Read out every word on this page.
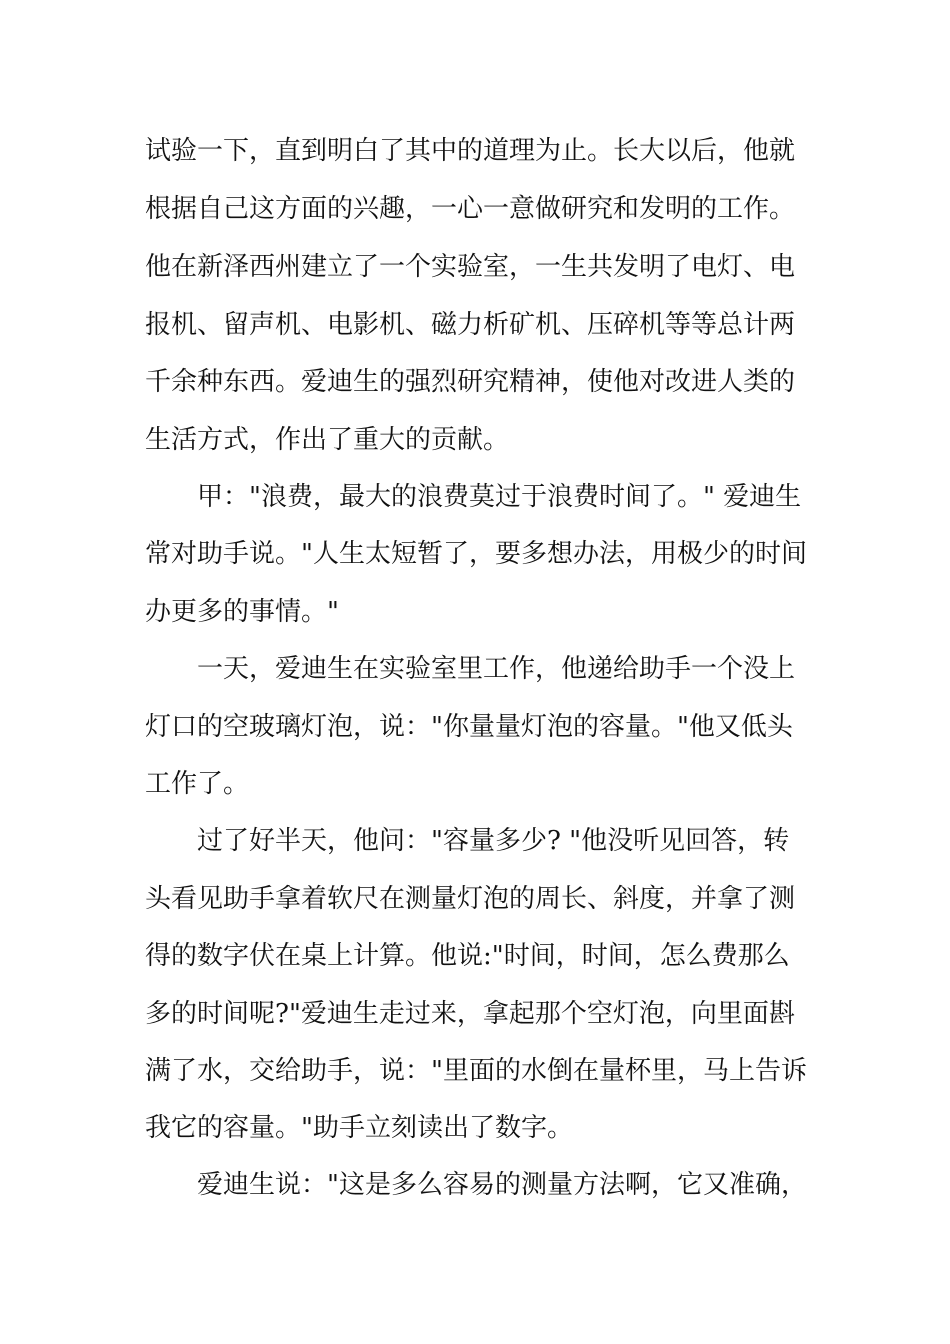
试验一下，直到明白了其中的道理为止。长大以后，他就

根据自己这方面的兴趣，一心一意做研究和发明的工作。

他在新泽西州建立了一个实验室，一生共发明了电灯、电

报机、留声机、电影机、磁力析矿机、压碎机等等总计两

千余种东西。爱迪生的强烈研究精神，使他对改进人类的

生活方式，作出了重大的贡献。

甲："浪费，最大的浪费莫过于浪费时间了。" 爱迪生

常对助手说。"人生太短暂了，要多想办法，用极少的时间

办更多的事情。"

一天，爱迪生在实验室里工作，他递给助手一个没上

灯口的空玻璃灯泡，说："你量量灯泡的容量。"他又低头

工作了。

过了好半天，他问："容量多少? "他没听见回答，转

头看见助手拿着软尺在测量灯泡的周长、斜度，并拿了测

得的数字伏在桌上计算。他说:"时间，时间，怎么费那么

多的时间呢?"爱迪生走过来，拿起那个空灯泡，向里面斟

满了水，交给助手，说："里面的水倒在量杯里，马上告诉

我它的容量。"助手立刻读出了数字。

爱迪生说："这是多么容易的测量方法啊，它又准确，
